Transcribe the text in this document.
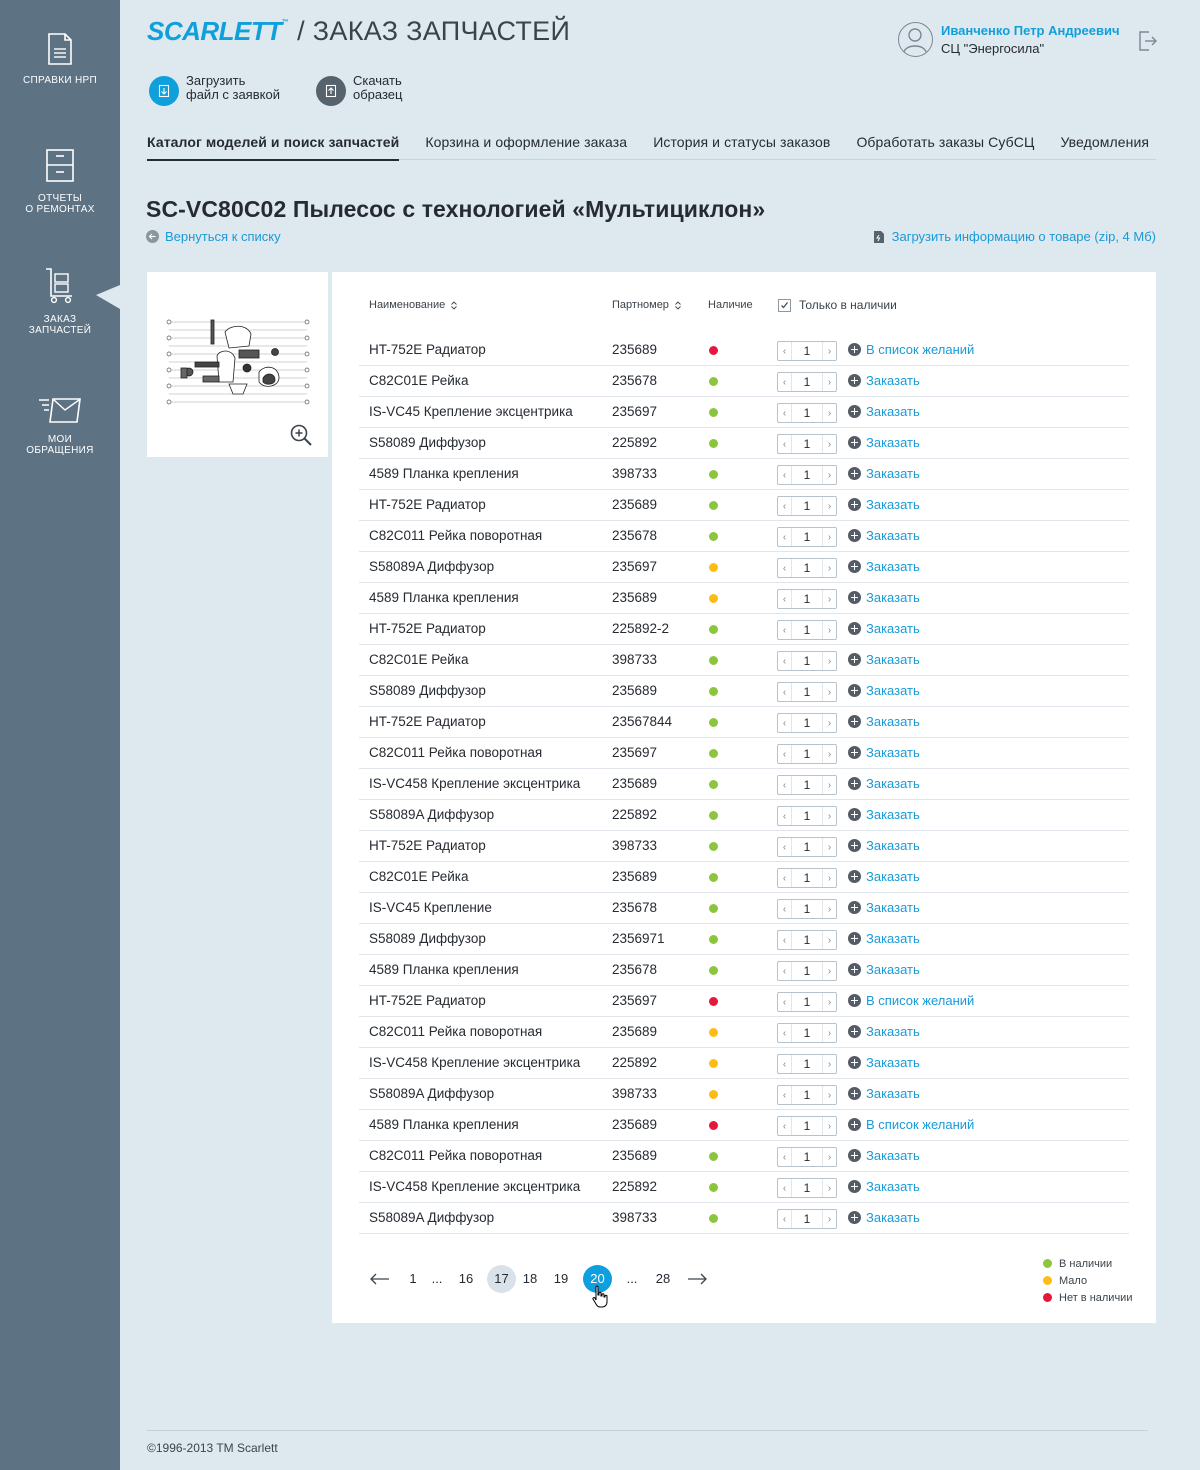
СПРАВКИ НРП
ОТЧЕТЫ
О РЕМОНТАХ
ЗАКАЗ
ЗАПЧАСТЕЙ
МОИ
ОБРАЩЕНИЯ
SCARLETT™ / ЗАКАЗ ЗАПЧАСТЕЙ	Иванченко Петр Андреевич
СЦ "Энергосила"
Загрузить
файл с заявкой
Скачать
образец
Каталог моделей и поиск запчастей Корзина и оформление заказа История и статусы заказов Обработать заказы СубСЦ Уведомления
SC-VC80C02 Пылесос с технологией «Мультициклон»
Вернуться к списку	Загрузить информацию о товаре (zip, 4 Мб)
Наименование	Партномер	Наличие	Только в наличии
HT-752E Радиатор	235689	‹	1	›	В список желаний
C82C01E Рейка	235678	‹	1	›	Заказать
IS-VC45 Крепление эксцентрика	235697	‹	1	›	Заказать
S58089 Диффузор	225892	‹	1	›	Заказать
4589 Планка крепления	398733	‹	1	›	Заказать
HT-752E Радиатор	235689	‹	1	›	Заказать
C82C011 Рейка поворотная	235678	‹	1	›	Заказать
S58089A Диффузор	235697	‹	1	›	Заказать
4589 Планка крепления	235689	‹	1	›	Заказать
HT-752E Радиатор	225892-2	‹	1	›	Заказать
C82C01E Рейка	398733	‹	1	›	Заказать
S58089 Диффузор	235689	‹	1	›	Заказать
HT-752E Радиатор	23567844	‹	1	›	Заказать
C82C011 Рейка поворотная	235697	‹	1	›	Заказать
IS-VC458 Крепление эксцентрика 235689	‹	1	›	Заказать
S58089A Диффузор	225892	‹	1	›	Заказать
HT-752E Радиатор	398733	‹	1	›	Заказать
C82C01E Рейка	235689	‹	1	›	Заказать
IS-VC45 Крепление	235678	‹	1	›	Заказать
S58089 Диффузор	2356971	‹	1	›	Заказать
4589 Планка крепления	235678	‹	1	›	Заказать
HT-752E Радиатор	235697	‹	1	›	В список желаний
C82C011 Рейка поворотная	235689	‹	1	›	Заказать
IS-VC458 Крепление эксцентрика 225892	‹	1	›	Заказать
S58089A Диффузор	398733	‹	1	›	Заказать
4589 Планка крепления	235689	‹	1	›	В список желаний
C82C011 Рейка поворотная	235689	‹	1	›	Заказать
IS-VC458 Крепление эксцентрика 225892	‹	1	›	Заказать
S58089A Диффузор	398733	‹	1	›	Заказать
1	... 16	17	18 19	20	... 28
В наличии
Мало
Нет в наличии
©1996-2013 TM Scarlett
